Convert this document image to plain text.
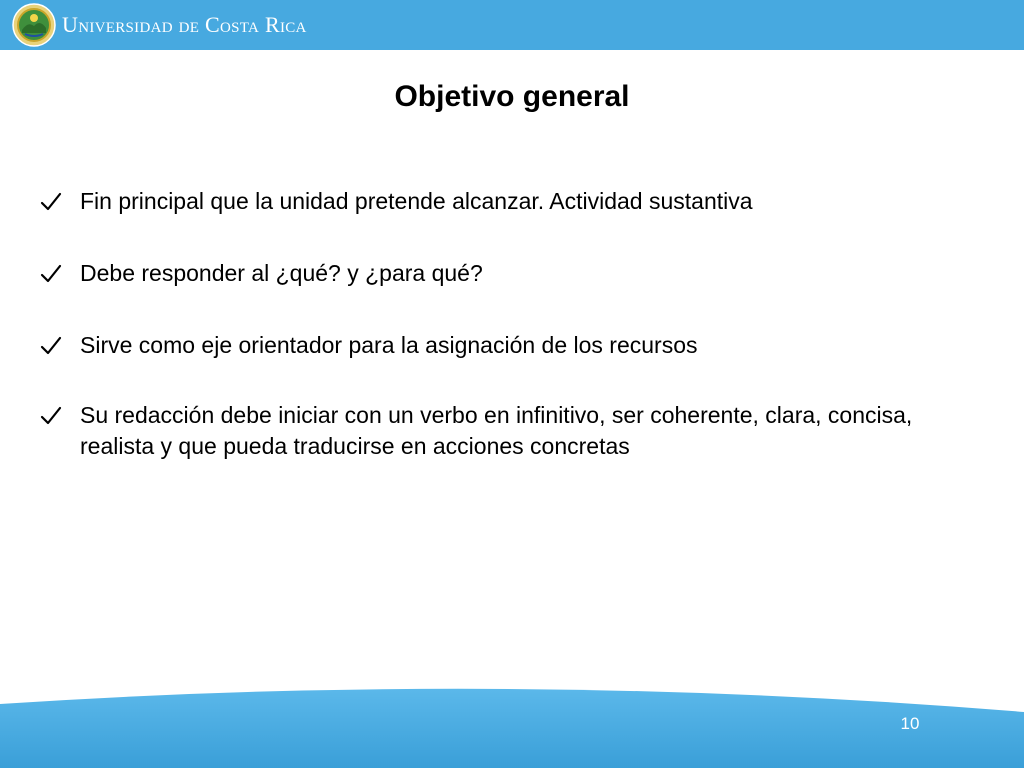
Universidad de Costa Rica
Objetivo general
Fin principal que la unidad pretende alcanzar. Actividad sustantiva
Debe responder al ¿qué? y ¿para qué?
Sirve como eje orientador para la asignación de los recursos
Su redacción debe iniciar con un verbo en infinitivo, ser coherente, clara, concisa, realista y que pueda traducirse en acciones concretas
10
